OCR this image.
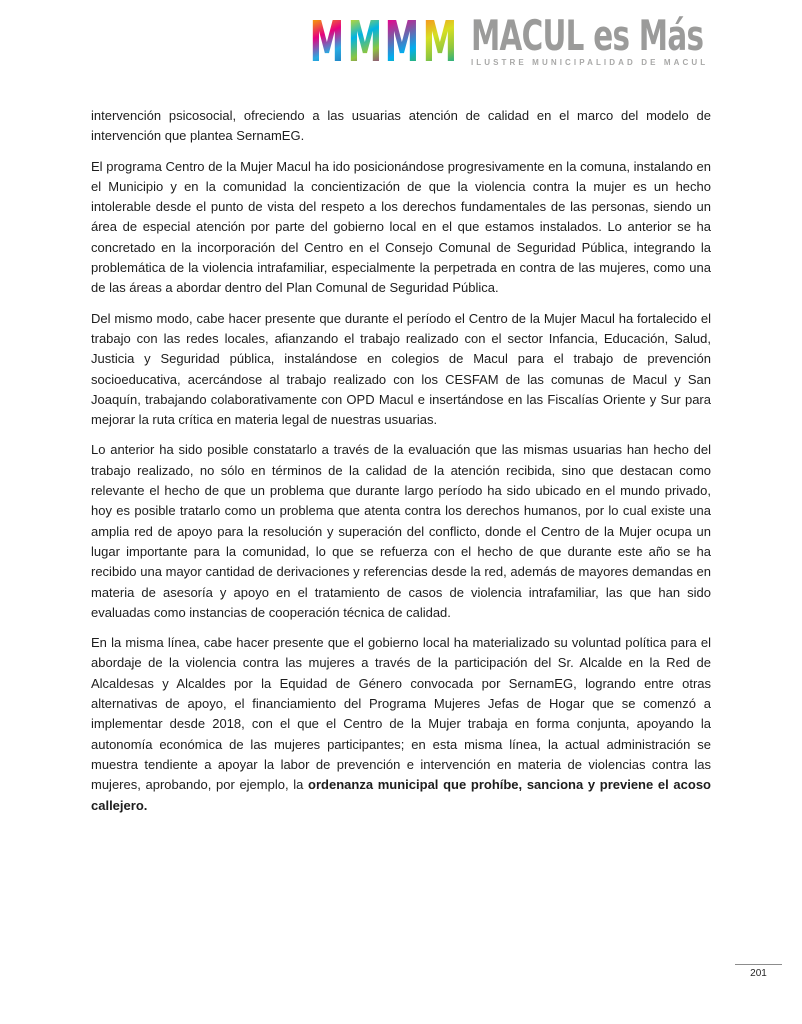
M M M M MACUL es Más
ILUSTRE MUNICIPALIDAD DE MACUL

intervención psicosocial, ofreciendo a las usuarias atención de calidad en el marco del modelo de intervención que plantea SernamEG.

El programa Centro de la Mujer Macul ha ido posicionándose progresivamente en la comuna, instalando en el Municipio y en la comunidad la concientización de que la violencia contra la mujer es un hecho intolerable desde el punto de vista del respeto a los derechos fundamentales de las personas, siendo un área de especial atención por parte del gobierno local en el que estamos instalados. Lo anterior se ha concretado en la incorporación del Centro en el Consejo Comunal de Seguridad Pública, integrando la problemática de la violencia intrafamiliar, especialmente la perpetrada en contra de las mujeres, como una de las áreas a abordar dentro del Plan Comunal de Seguridad Pública.

Del mismo modo, cabe hacer presente que durante el período el Centro de la Mujer Macul ha fortalecido el trabajo con las redes locales, afianzando el trabajo realizado con el sector Infancia, Educación, Salud, Justicia y Seguridad pública, instalándose en colegios de Macul para el trabajo de prevención socioeducativa, acercándose al trabajo realizado con los CESFAM de las comunas de Macul y San Joaquín, trabajando colaborativamente con OPD Macul e insertándose en las Fiscalías Oriente y Sur para mejorar la ruta crítica en materia legal de nuestras usuarias.

Lo anterior ha sido posible constatarlo a través de la evaluación que las mismas usuarias han hecho del trabajo realizado, no sólo en términos de la calidad de la atención recibida, sino que destacan como relevante el hecho de que un problema que durante largo período ha sido ubicado en el mundo privado, hoy es posible tratarlo como un problema que atenta contra los derechos humanos, por lo cual existe una amplia red de apoyo para la resolución y superación del conflicto, donde el Centro de la Mujer ocupa un lugar importante para la comunidad, lo que se refuerza con el hecho de que durante este año se ha recibido una mayor cantidad de derivaciones y referencias desde la red, además de mayores demandas en materia de asesoría y apoyo en el tratamiento de casos de violencia intrafamiliar, las que han sido evaluadas como instancias de cooperación técnica de calidad.

En la misma línea, cabe hacer presente que el gobierno local ha materializado su voluntad política para el abordaje de la violencia contra las mujeres a través de la participación del Sr. Alcalde en la Red de Alcaldesas y Alcaldes por la Equidad de Género convocada por SernamEG, logrando entre otras alternativas de apoyo, el financiamiento del Programa Mujeres Jefas de Hogar que se comenzó a implementar desde 2018, con el que el Centro de la Mujer trabaja en forma conjunta, apoyando la autonomía económica de las mujeres participantes; en esta misma línea, la actual administración se muestra tendiente a apoyar la labor de prevención e intervención en materia de violencias contra las mujeres, aprobando, por ejemplo, la ordenanza municipal que prohíbe, sanciona y previene el acoso callejero.

201
